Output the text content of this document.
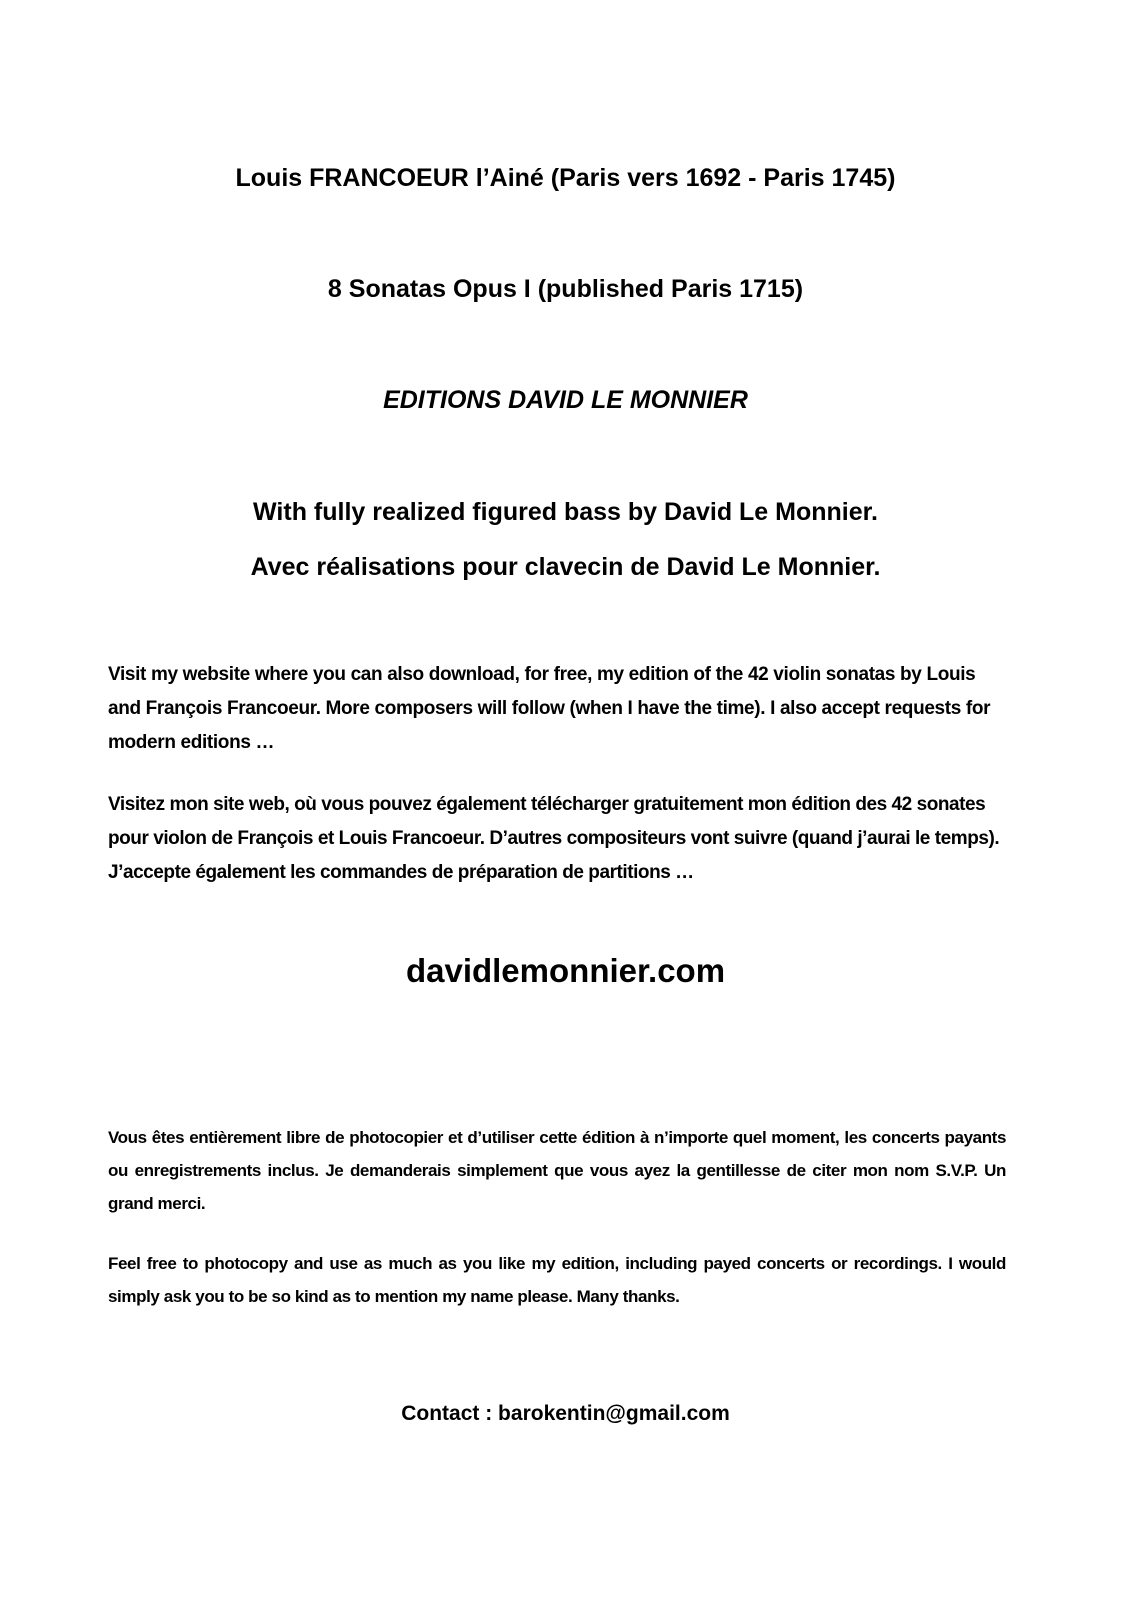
Louis FRANCOEUR l’Ainé (Paris vers 1692 - Paris 1745)
8 Sonatas Opus I (published Paris 1715)
EDITIONS DAVID LE MONNIER
With fully realized figured bass by David Le Monnier.
Avec réalisations pour clavecin de David Le Monnier.

Visit my website where you can also download, for free, my edition of the 42 violin sonatas by Louis and François Francoeur. More composers will follow (when I have the time). I also accept requests for modern editions …

Visitez mon site web, où vous pouvez également télécharger gratuitement mon édition des 42 sonates pour violon de François et Louis Francoeur. D’autres compositeurs vont suivre (quand j’aurai le temps). J’accepte également les commandes de préparation de partitions …

davidlemonnier.com

Vous êtes entièrement libre de photocopier et d’utiliser cette édition à n’importe quel moment, les concerts payants ou enregistrements inclus. Je demanderais simplement que vous ayez la gentillesse de citer mon nom S.V.P. Un grand merci.

Feel free to photocopy and use as much as you like my edition, including payed concerts or recordings. I would simply ask you to be so kind as to mention my name please. Many thanks.

Contact : barokentin@gmail.com
